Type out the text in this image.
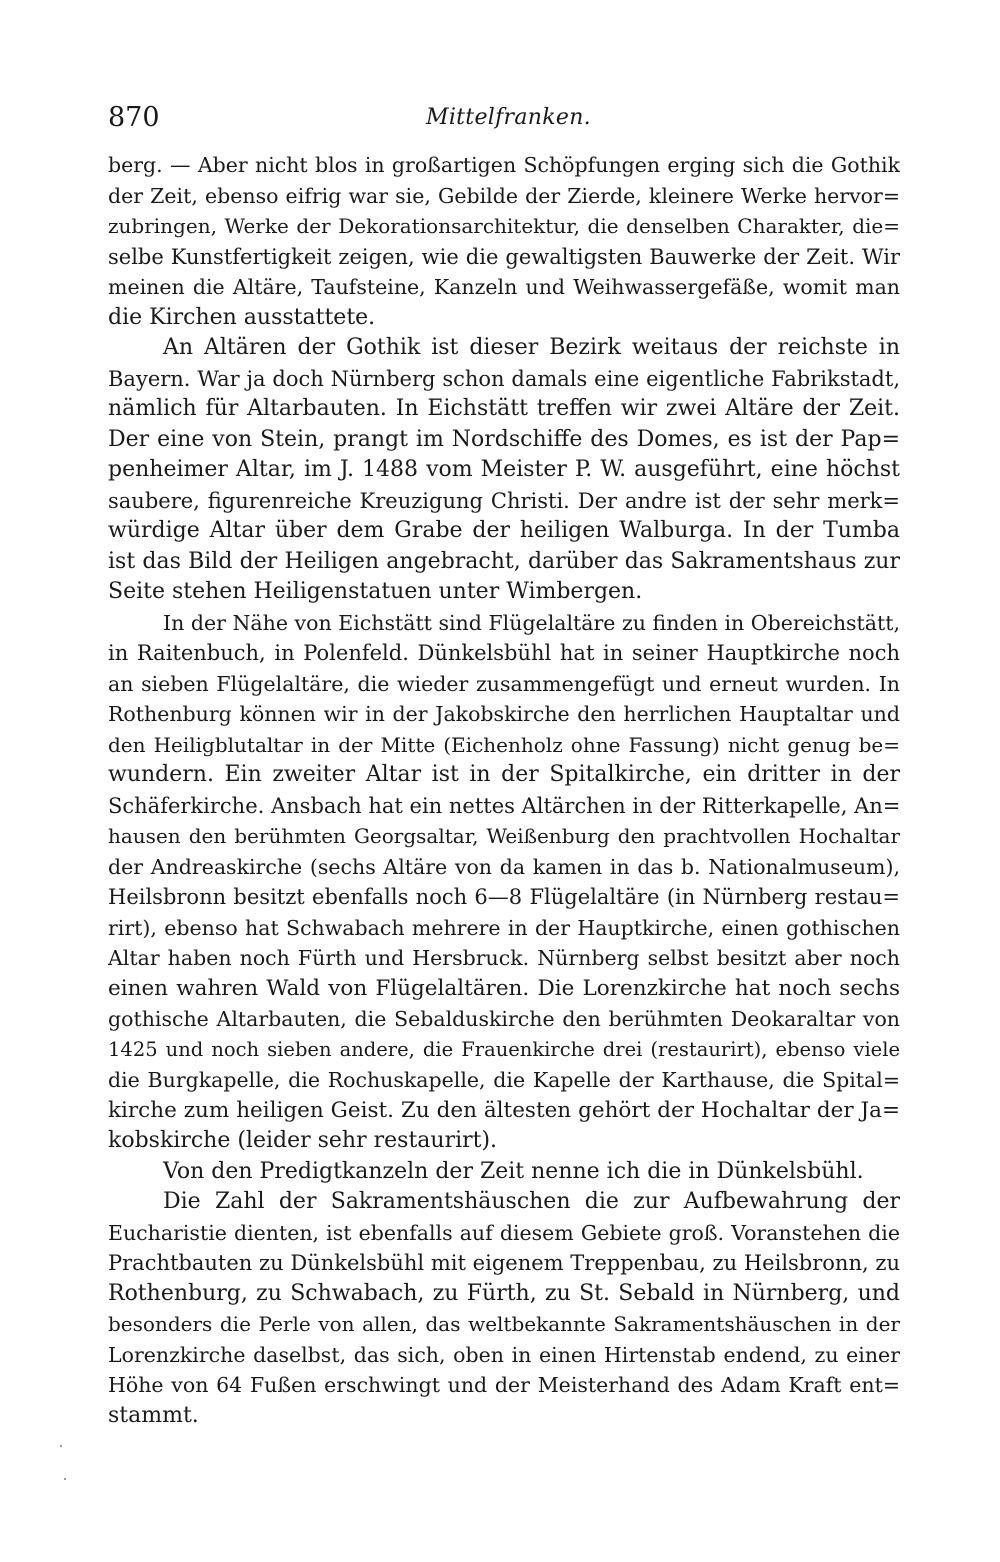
870	Mittelfranken.
berg. — Aber nicht blos in großartigen Schöpfungen erging sich die Gothik
der Zeit, ebenso eifrig war sie, Gebilde der Zierde, kleinere Werke hervor=
zubringen, Werke der Dekorationsarchitektur, die denselben Charakter, die=
selbe Kunstfertigkeit zeigen, wie die gewaltigsten Bauwerke der Zeit. Wir
meinen die Altäre, Taufsteine, Kanzeln und Weihwassergefäße, womit man
die Kirchen ausstattete.
An Altären der Gothik ist dieser Bezirk weitaus der reichste in
Bayern. War ja doch Nürnberg schon damals eine eigentliche Fabrikstadt,
nämlich für Altarbauten. In Eichstätt treffen wir zwei Altäre der Zeit.
Der eine von Stein, prangt im Nordschiffe des Domes, es ist der Pap=
penheimer Altar, im J. 1488 vom Meister P. W. ausgeführt, eine höchst
saubere, figurenreiche Kreuzigung Christi. Der andre ist der sehr merk=
würdige Altar über dem Grabe der heiligen Walburga. In der Tumba
ist das Bild der Heiligen angebracht, darüber das Sakramentshaus zur
Seite stehen Heiligenstatuen unter Wimbergen.
In der Nähe von Eichstätt sind Flügelaltäre zu finden in Obereichstätt,
in Raitenbuch, in Polenfeld. Dünkelsbühl hat in seiner Hauptkirche noch
an sieben Flügelaltäre, die wieder zusammengefügt und erneut wurden. In
Rothenburg können wir in der Jakobskirche den herrlichen Hauptaltar und
den Heiligblutaltar in der Mitte (Eichenholz ohne Fassung) nicht genug be=
wundern. Ein zweiter Altar ist in der Spitalkirche, ein dritter in der
Schäferkirche. Ansbach hat ein nettes Altärchen in der Ritterkapelle, An=
hausen den berühmten Georgsaltar, Weißenburg den prachtvollen Hochaltar
der Andreaskirche (sechs Altäre von da kamen in das b. Nationalmuseum),
Heilsbronn besitzt ebenfalls noch 6—8 Flügelaltäre (in Nürnberg restau=
rirt), ebenso hat Schwabach mehrere in der Hauptkirche, einen gothischen
Altar haben noch Fürth und Hersbruck. Nürnberg selbst besitzt aber noch
einen wahren Wald von Flügelaltären. Die Lorenzkirche hat noch sechs
gothische Altarbauten, die Sebalduskirche den berühmten Deokaraltar von
1425 und noch sieben andere, die Frauenkirche drei (restaurirt), ebenso viele
die Burgkapelle, die Rochuskapelle, die Kapelle der Karthause, die Spital=
kirche zum heiligen Geist. Zu den ältesten gehört der Hochaltar der Ja=
kobskirche (leider sehr restaurirt).
Von den Predigtkanzeln der Zeit nenne ich die in Dünkelsbühl.
Die Zahl der Sakramentshäuschen die zur Aufbewahrung der
Eucharistie dienten, ist ebenfalls auf diesem Gebiete groß. Voranstehen die
Prachtbauten zu Dünkelsbühl mit eigenem Treppenbau, zu Heilsbronn, zu
Rothenburg, zu Schwabach, zu Fürth, zu St. Sebald in Nürnberg, und
besonders die Perle von allen, das weltbekannte Sakramentshäuschen in der
Lorenzkirche daselbst, das sich, oben in einen Hirtenstab endend, zu einer
Höhe von 64 Fußen erschwingt und der Meisterhand des Adam Kraft ent=
stammt.
